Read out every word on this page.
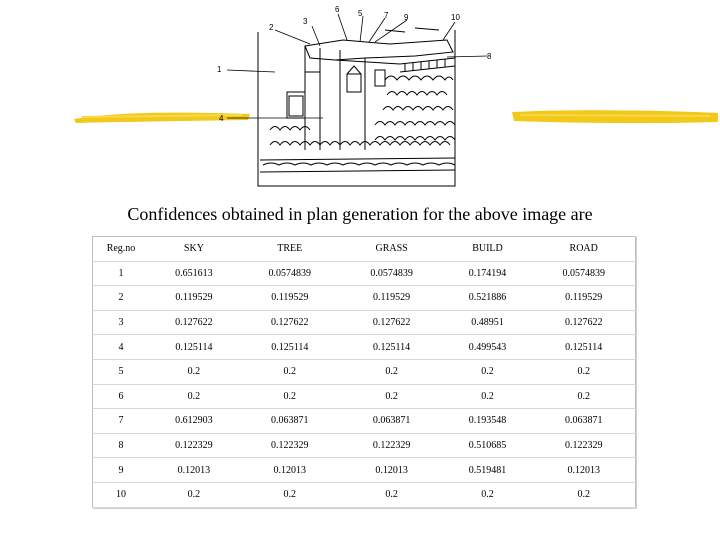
1
2
3
4
5
6
7
8
9	10
Confidences obtained in plan generation for the above image are
Reg.no	SKY	TREE	GRASS	BUILD	ROAD
1	0.651613	0.0574839	0.0574839	0.174194	0.0574839
2	0.119529	0.119529	0.119529	0.521886	0.119529
3	0.127622	0.127622	0.127622	0.48951	0.127622
4	0.125114	0.125114	0.125114	0.499543	0.125114
5	0.2	0.2	0.2	0.2	0.2
6	0.2	0.2	0.2	0.2	0.2
7	0.612903	0.063871	0.063871	0.193548	0.063871
8	0.122329	0.122329	0.122329	0.510685	0.122329
9	0.12013	0.12013	0.12013	0.519481	0.12013
10	0.2	0.2	0.2	0.2	0.2
